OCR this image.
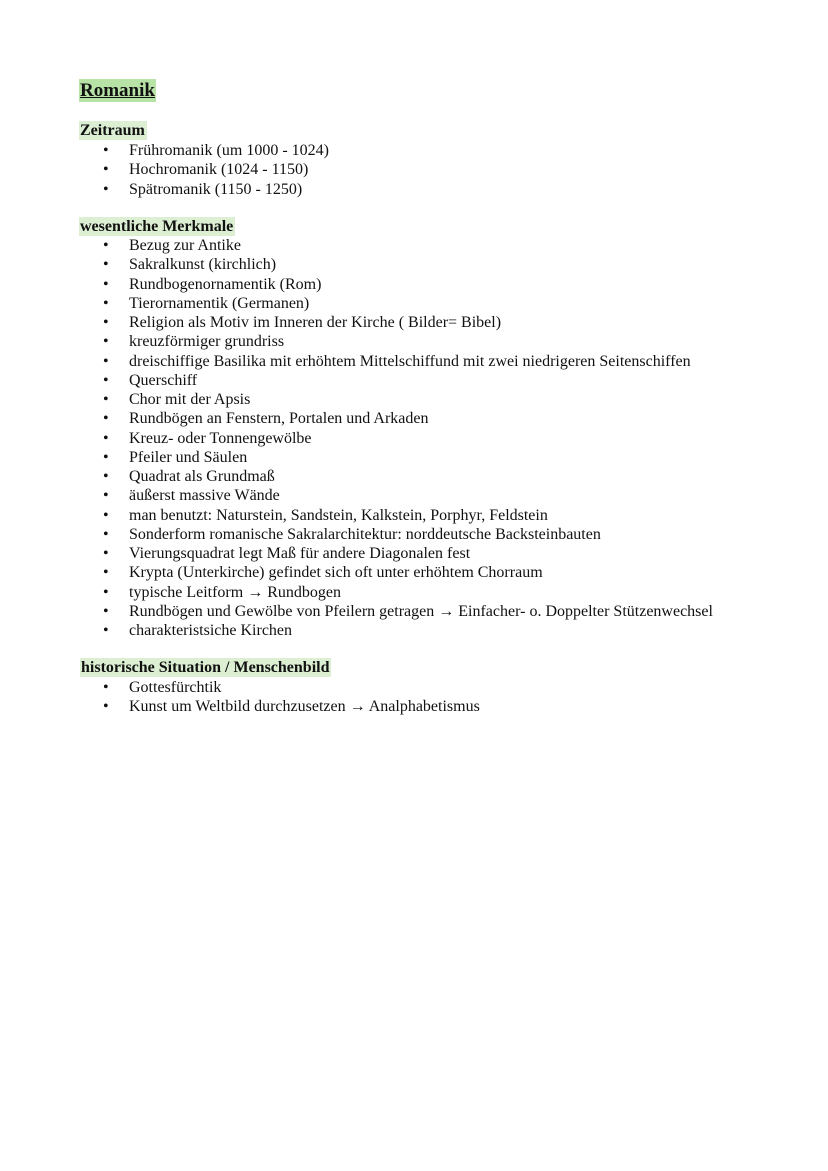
Romanik
Zeitraum
• Frühromanik (um 1000 - 1024)
• Hochromanik (1024 - 1150)
• Spätromanik (1150 - 1250)
wesentliche Merkmale
• Bezug zur Antike
• Sakralkunst (kirchlich)
• Rundbogenornamentik (Rom)
• Tierornamentik (Germanen)
• Religion als Motiv im Inneren der Kirche ( Bilder= Bibel)
• kreuzförmiger grundriss
• dreischiffige Basilika mit erhöhtem Mittelschiffund mit zwei niedrigeren Seitenschiffen
• Querschiff
• Chor mit der Apsis
• Rundbögen an Fenstern, Portalen und Arkaden
• Kreuz- oder Tonnengewölbe
• Pfeiler und Säulen
• Quadrat als Grundmaß
• äußerst massive Wände
• man benutzt: Naturstein, Sandstein, Kalkstein, Porphyr, Feldstein
• Sonderform romanische Sakralarchitektur: norddeutsche Backsteinbauten
• Vierungsquadrat legt Maß für andere Diagonalen fest
• Krypta (Unterkirche) gefindet sich oft unter erhöhtem Chorraum
• typische Leitform → Rundbogen
• Rundbögen und Gewölbe von Pfeilern getragen → Einfacher- o. Doppelter Stützenwechsel
• charakteristsiche Kirchen
historische Situation / Menschenbild
• Gottesfürchtik
• Kunst um Weltbild durchzusetzen → Analphabetismus
